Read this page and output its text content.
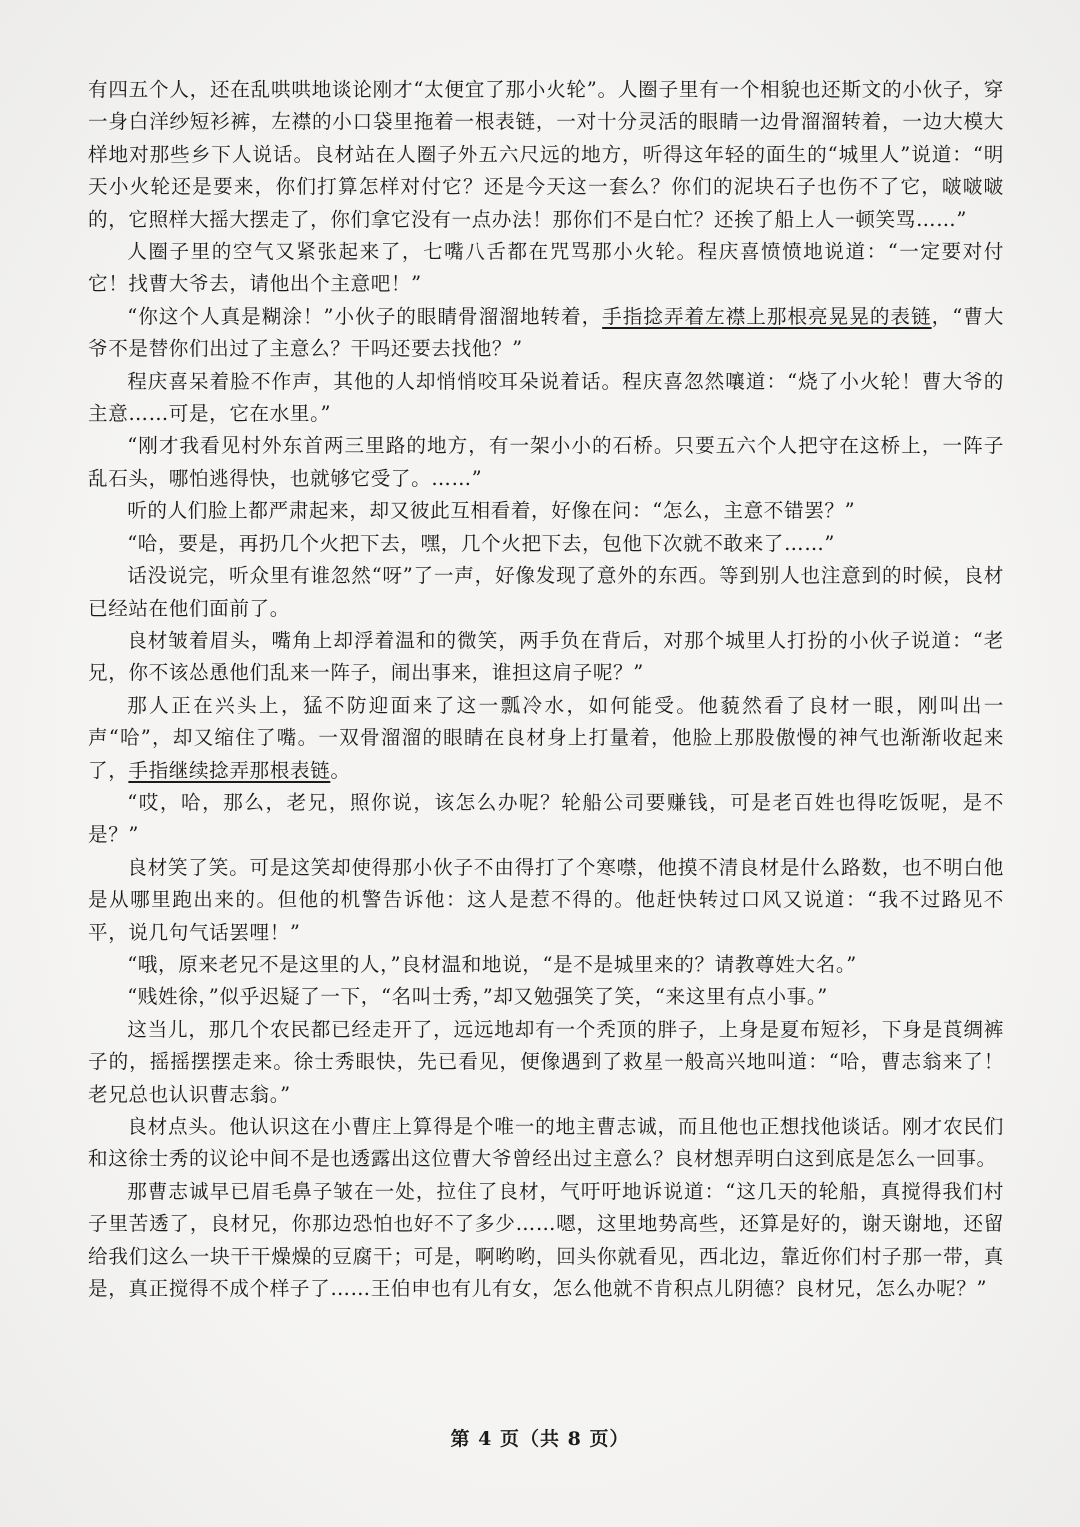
有四五个人，还在乱哄哄地谈论刚才“太便宜了那小火轮”。人圈子里有一个相貌也还斯文的小伙子，穿一身白洋纱短衫裤，左襟的小口袋里拖着一根表链，一对十分灵活的眼睛一边骨溜溜转着，一边大模大样地对那些乡下人说话。良材站在人圈子外五六尺远的地方，听得这年轻的面生的“城里人”说道：“明天小火轮还是要来，你们打算怎样对付它？还是今天这一套么？你们的泥块石子也伤不了它，啵啵啵的，它照样大摇大摆走了，你们拿它没有一点办法！那你们不是白忙？还挨了船上人一顿笑骂……”

人圈子里的空气又紧张起来了，七嘴八舌都在咒骂那小火轮。程庆喜愤愤地说道：“一定要对付它！找曹大爷去，请他出个主意吧！”

“你这个人真是糊涂！”小伙子的眼睛骨溜溜地转着，手指捻弄着左襟上那根亮晃晃的表链，“曹大爷不是替你们出过了主意么？干吗还要去找他？”

程庆喜呆着脸不作声，其他的人却悄悄咬耳朵说着话。程庆喜忽然嚷道：“烧了小火轮！曹大爷的主意……可是，它在水里。”

“刚才我看见村外东首两三里路的地方，有一架小小的石桥。只要五六个人把守在这桥上，一阵子乱石头，哪怕逃得快，也就够它受了。……”

听的人们脸上都严肃起来，却又彼此互相看着，好像在问：“怎么，主意不错罢？”

“哈，要是，再扔几个火把下去，嘿，几个火把下去，包他下次就不敢来了……”

话没说完，听众里有谁忽然“呀”了一声，好像发现了意外的东西。等到别人也注意到的时候，良材已经站在他们面前了。

良材皱着眉头，嘴角上却浮着温和的微笑，两手负在背后，对那个城里人打扮的小伙子说道：“老兄，你不该怂恿他们乱来一阵子，闹出事来，谁担这肩子呢？”

那人正在兴头上，猛不防迎面来了这一瓢冷水，如何能受。他藐然看了良材一眼，刚叫出一声“哈”，却又缩住了嘴。一双骨溜溜的眼睛在良材身上打量着，他脸上那股傲慢的神气也渐渐收起来了，手指继续捻弄那根表链。

“哎，哈，那么，老兄，照你说，该怎么办呢？轮船公司要赚钱，可是老百姓也得吃饭呢，是不是？”

良材笑了笑。可是这笑却使得那小伙子不由得打了个寒噤，他摸不清良材是什么路数，也不明白他是从哪里跑出来的。但他的机警告诉他：这人是惹不得的。他赶快转过口风又说道：“我不过路见不平，说几句气话罢哩！”

“哦，原来老兄不是这里的人，”良材温和地说，“是不是城里来的？请教尊姓大名。”

“贱姓徐，”似乎迟疑了一下，“名叫士秀，”却又勉强笑了笑，“来这里有点小事。”

这当儿，那几个农民都已经走开了，远远地却有一个秃顶的胖子，上身是夏布短衫，下身是莨绸裤子的，摇摇摆摆走来。徐士秀眼快，先已看见，便像遇到了救星一般高兴地叫道：“哈，曹志翁来了！老兄总也认识曹志翁。”

良材点头。他认识这在小曹庄上算得是个唯一的地主曹志诚，而且他也正想找他谈话。刚才农民们和这徐士秀的议论中间不是也透露出这位曹大爷曾经出过主意么？良材想弄明白这到底是怎么一回事。

那曹志诚早已眉毛鼻子皱在一处，拉住了良材，气吁吁地诉说道：“这几天的轮船，真搅得我们村子里苦透了，良材兄，你那边恐怕也好不了多少……嗯，这里地势高些，还算是好的，谢天谢地，还留给我们这么一块干干燥燥的豆腐干；可是，啊哟哟，回头你就看见，西北边，靠近你们村子那一带，真是，真正搅得不成个样子了……王伯申也有儿有女，怎么他就不肯积点儿阴德？良材兄，怎么办呢？”

第 4 页（共 8 页）
